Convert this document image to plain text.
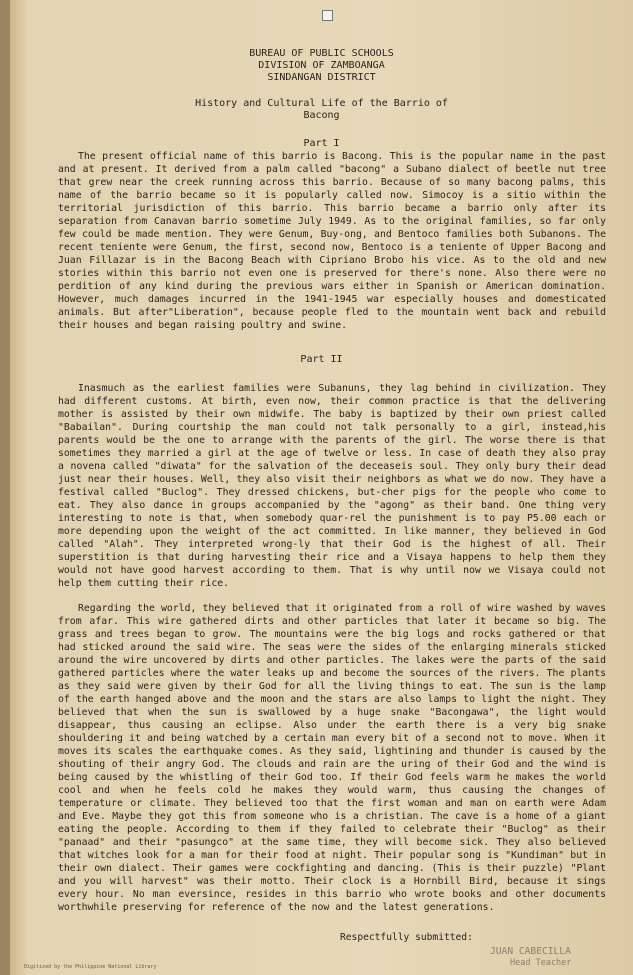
BUREAU OF PUBLIC SCHOOLS
DIVISION OF ZAMBOANGA
SINDANGAN DISTRICT
History and Cultural Life of the Barrio of
Bacong
Part I
The present official name of this barrio is Bacong. This is the popular name in the past and at present. It derived from a palm called "bacong" a Subano dialect of beetle nut tree that grew near the creek running across this barrio. Because of so many bacong palms, this name of the barrio became so it is popularly called now. Simocoy is a sitio within the territorial jurisdiction of this barrio. This barrio became a barrio only after its separation from Canavan barrio sometime July 1949. As to the original families, so far only few could be made mention. They were Genum, Buy-ong, and Bentoco families both Subanons. The recent teniente were Genum, the first, second now, Bentoco is a teniente of Upper Bacong and Juan Fillazar is in the Bacong Beach with Cipriano Brobo his vice. As to the old and new stories within this barrio not even one is preserved for there's none. Also there were no perdition of any kind during the previous wars either in Spanish or American domination. However, much damages incurred in the 1941-1945 war especially houses and domesticated animals. But after"Liberation", because people fled to the mountain went back and rebuild their houses and began raising poultry and swine.
Part II
Inasmuch as the earliest families were Subanuns, they lag behind in civilization. They had different customs. At birth, even now, their common practice is that the delivering mother is assisted by their own midwife. The baby is baptized by their own priest called "Babailan". During courtship the man could not talk personally to a girl, instead,his parents would be the one to arrange with the parents of the girl. The worse there is that sometimes they married a girl at the age of twelve or less. In case of death they also pray a novena called "diwata" for the salvation of the deceaseis soul. They only bury their dead just near their houses. Well, they also visit their neighbors as what we do now. They have a festival called "Buclog". They dressed chickens, but-cher pigs for the people who come to eat. They also dance in groups accompanied by the "agong" as their band. One thing very interesting to note is that, when somebody quar-rel the punishment is to pay P5.00 each or more depending upon the weight of the act committed. In like manner, they believed in God called "Alah". They interpreted wrong-ly that their God is the highest of all. Their superstition is that during harvesting their rice and a Visaya happens to help them they would not have good harvest according to them. That is why until now we Visaya could not help them cutting their rice.
Regarding the world, they believed that it originated from a roll of wire washed by waves from afar. This wire gathered dirts and other particles that later it became so big. The grass and trees began to grow. The mountains were the big logs and rocks gathered or that had sticked around the said wire. The seas were the sides of the enlarging minerals sticked around the wire uncovered by dirts and other particles. The lakes were the parts of the said gathered particles where the water leaks up and become the sources of the rivers. The plants as they said were given by their God for all the living things to eat. The sun is the lamp of the earth hanged above and the moon and the stars are also lamps to light the night. They believed that when the sun is swallowed by a huge snake "Bacongawa", the light would disappear, thus causing an eclipse. Also under the earth there is a very big snake shouldering it and being watched by a certain man every bit of a second not to move. When it moves its scales the earthquake comes. As they said, lightining and thunder is caused by the shouting of their angry God. The clouds and rain are the uring of their God and the wind is being caused by the whistling of their God too. If their God feels warm he makes the world cool and when he feels cold he makes they would warm, thus causing the changes of temperature or climate. They believed too that the first woman and man on earth were Adam and Eve. Maybe they got this from someone who is a christian. The cave is a home of a giant eating the people. According to them if they failed to celebrate their "Buclog" as their "panaad" and their "pasungco" at the same time, they will become sick. They also believed that witches look for a man for their food at night. Their popular song is "Kundiman" but in their own dialect. Their games were cockfighting and dancing. (This is their puzzle) "Plant and you will harvest" was their motto. Their clock is a Hornbill Bird, because it sings every hour. No man eversince, resides in this barrio who wrote books and other documents worthwhile preserving for reference of the now and the latest generations.
Respectfully submitted:
JUAN CABECILLA
Head Teacher
Digitized by the Philippine National Library
